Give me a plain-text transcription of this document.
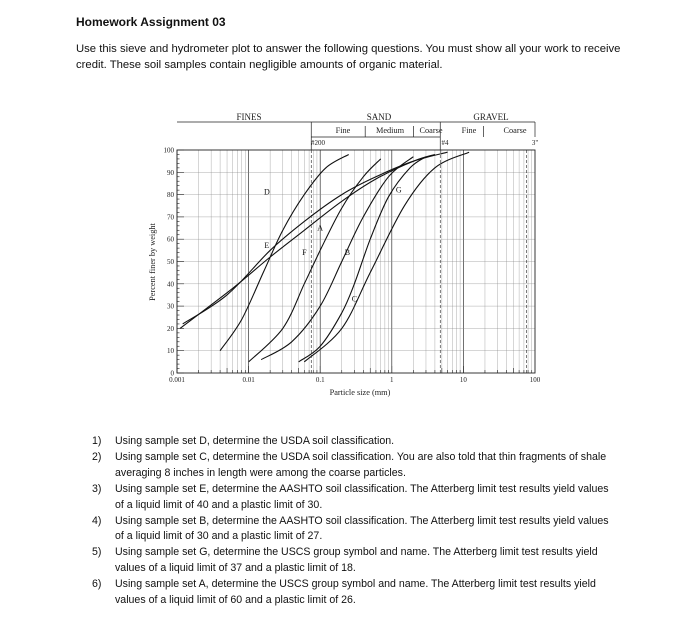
Homework Assignment 03

Use this sieve and hydrometer plot to answer the following questions. You must show all your work to receive

credit. These soil samples contain negligible amounts of organic material.

FINES	SAND	GRAVEL
Fine	Medium Coarse Fine	Coarse
#200	#4	3"
0
10
20
30
40
50
60
70
80
90
100
0.001	0.01	0.1	1	10	100
A
B
C
D
E
F
G
Particle size (mm)
Percent finer by weight
1) Using sample set D, determine the USDA soil classification.
2) Using sample set C, determine the USDA soil classification. You are also told that thin fragments of shale
averaging 8 inches in length were among the coarse particles.
3) Using sample set E, determine the AASHTO soil classification. The Atterberg limit test results yield values
of a liquid limit of 40 and a plastic limit of 30.
4) Using sample set B, determine the AASHTO soil classification. The Atterberg limit test results yield values
of a liquid limit of 30 and a plastic limit of 27.
5) Using sample set G, determine the USCS group symbol and name. The Atterberg limit test results yield
values of a liquid limit of 37 and a plastic limit of 18.
6) Using sample set A, determine the USCS group symbol and name. The Atterberg limit test results yield
values of a liquid limit of 60 and a plastic limit of 26.
